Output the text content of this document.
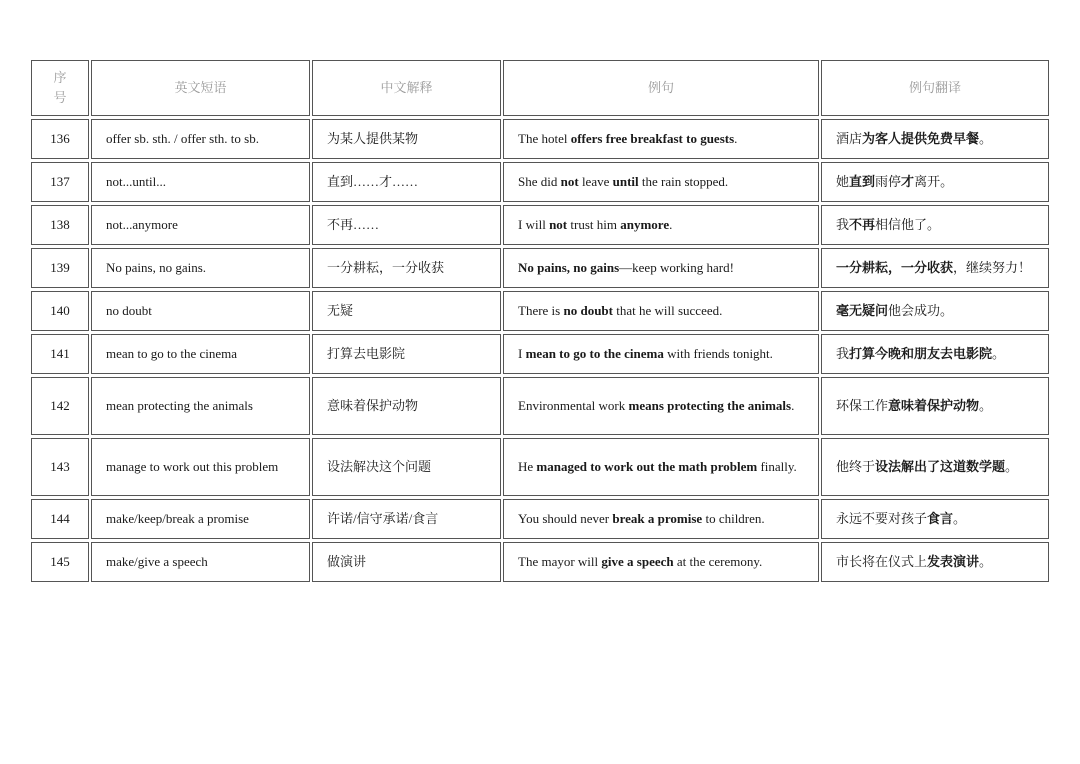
序
号	英文短语	中文解释	例句	例句翻译
136	offer sb. sth. / offer sth. to sb.	为某人提供某物	The hotel offers free breakfast to guests.	酒店为客人提供免费早餐。
137	not...until...	直到……才……	She did not leave until the rain stopped.	她直到雨停才离开。
138	not...anymore	不再……	I will not trust him anymore.	我不再相信他了。
139	No pains, no gains.	一分耕耘，一分收获	No pains, no gains—keep working hard!	一分耕耘，一分收获，继续努力！
140	no doubt	无疑	There is no doubt that he will succeed.	毫无疑问他会成功。
141	mean to go to the cinema	打算去电影院	I mean to go to the cinema with friends tonight.	我打算今晚和朋友去电影院。
142	mean protecting the animals	意味着保护动物	Environmental work means protecting the animals.	环保工作意味着保护动物。
143	manage to work out this problem	设法解决这个问题	He managed to work out the math problem finally.	他终于设法解出了这道数学题。
144	make/keep/break a promise	许诺/信守承诺/食言	You should never break a promise to children.	永远不要对孩子食言。
145	make/give a speech	做演讲	The mayor will give a speech at the ceremony.	市长将在仪式上发表演讲。
